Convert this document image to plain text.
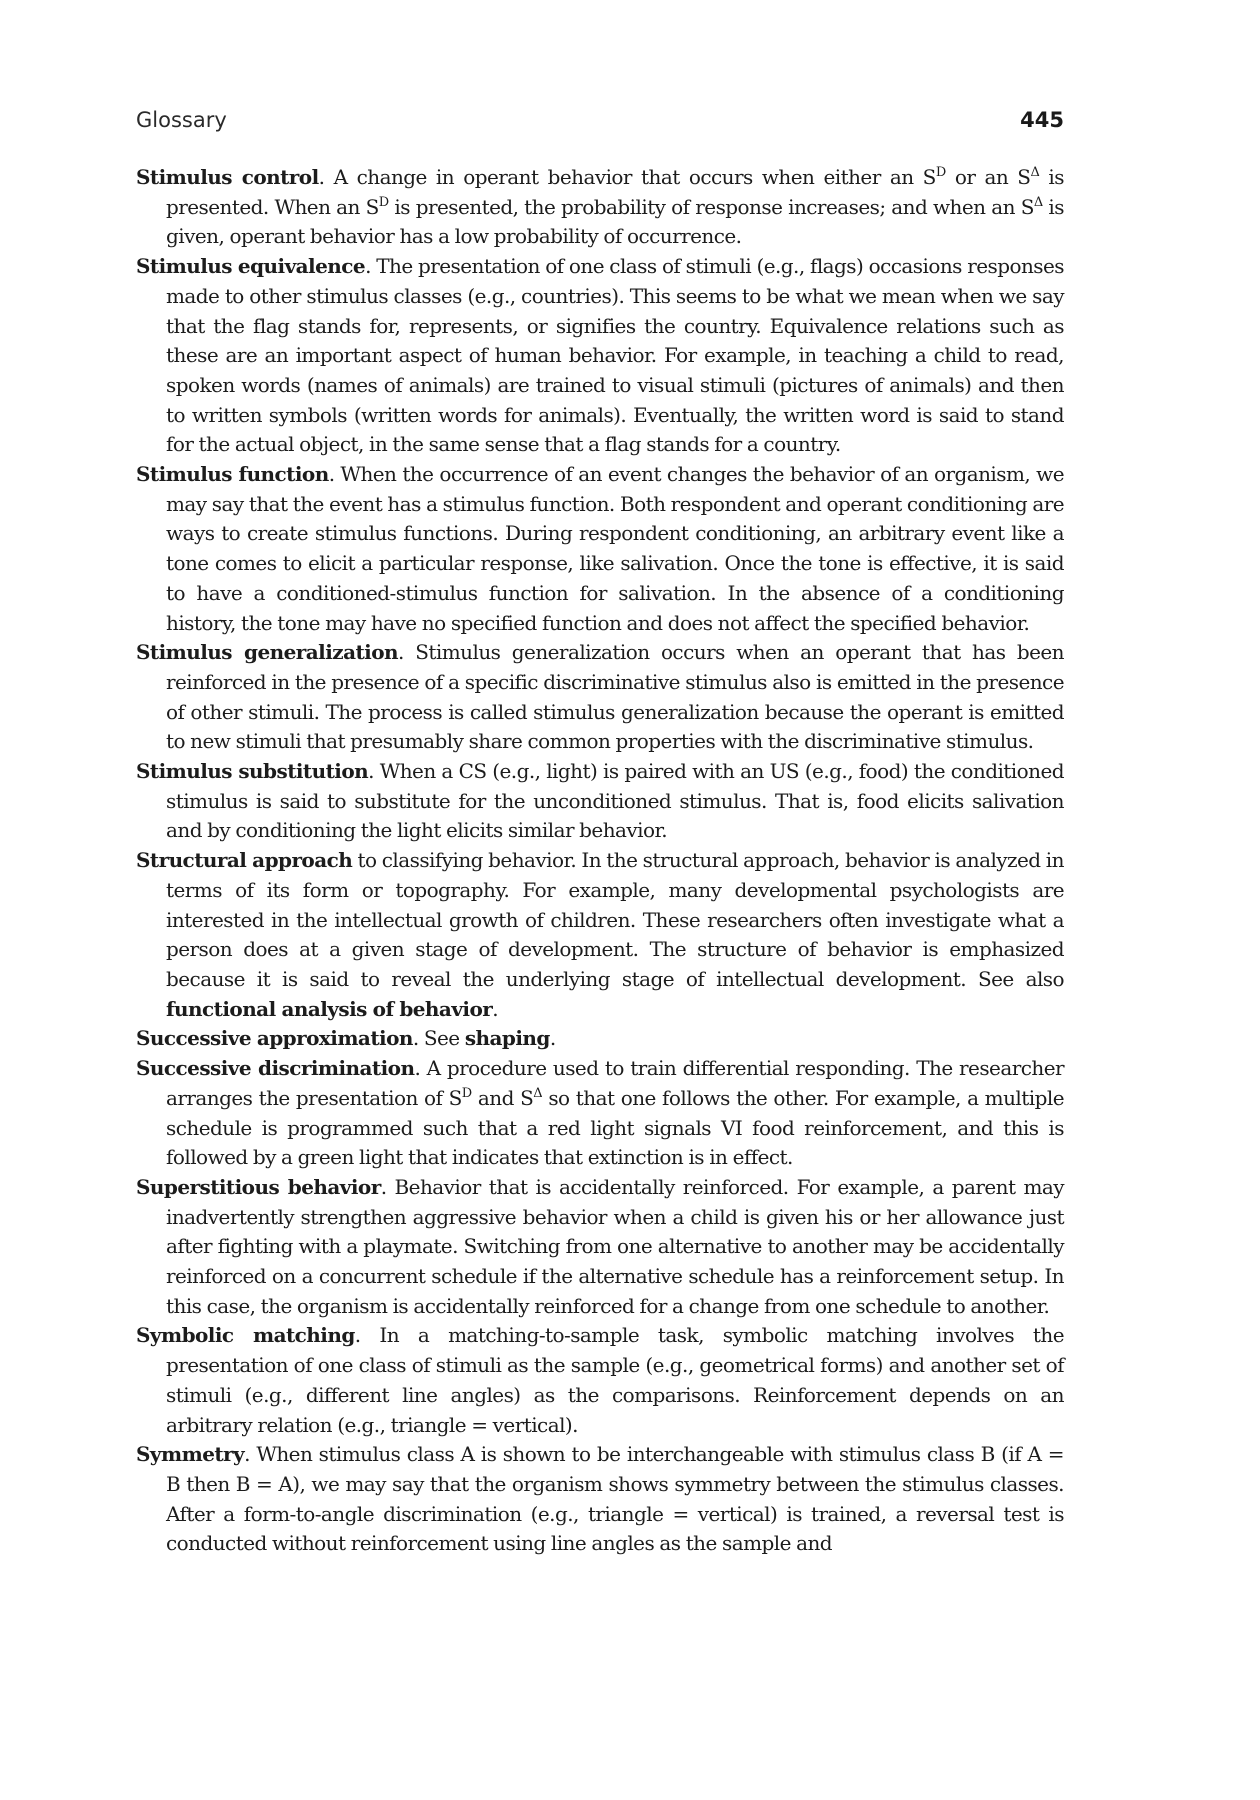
Glossary	445

Stimulus control. A change in operant behavior that occurs when either an $S^D$ or an $S^\Delta$ is presented. When an $S^D$ is presented, the probability of response increases; and when an $S^\Delta$ is given, operant behavior has a low probability of occurrence.

Stimulus equivalence. The presentation of one class of stimuli (e.g., flags) occasions responses made to other stimulus classes (e.g., countries). This seems to be what we mean when we say that the flag stands for, represents, or signifies the country. Equivalence relations such as these are an important aspect of human behavior. For example, in teaching a child to read, spoken words (names of animals) are trained to visual stimuli (pictures of animals) and then to written symbols (written words for animals). Eventually, the written word is said to stand for the actual object, in the same sense that a flag stands for a country.

Stimulus function. When the occurrence of an event changes the behavior of an organism, we may say that the event has a stimulus function. Both respondent and operant conditioning are ways to create stimulus functions. During respondent conditioning, an arbitrary event like a tone comes to elicit a particular response, like salivation. Once the tone is effective, it is said to have a conditioned-stimulus function for salivation. In the absence of a conditioning history, the tone may have no specified function and does not affect the specified behavior.

Stimulus generalization. Stimulus generalization occurs when an operant that has been reinforced in the presence of a specific discriminative stimulus also is emitted in the presence of other stimuli. The process is called stimulus generalization because the operant is emitted to new stimuli that presumably share common properties with the discriminative stimulus.

Stimulus substitution. When a CS (e.g., light) is paired with an US (e.g., food) the conditioned stimulus is said to substitute for the unconditioned stimulus. That is, food elicits salivation and by conditioning the light elicits similar behavior.

Structural approach to classifying behavior. In the structural approach, behavior is analyzed in terms of its form or topography. For example, many developmental psychologists are interested in the intellectual growth of children. These researchers often investigate what a person does at a given stage of development. The structure of behavior is emphasized because it is said to reveal the underlying stage of intellectual development. See also functional analysis of behavior.

Successive approximation. See shaping.

Successive discrimination. A procedure used to train differential responding. The researcher arranges the presentation of $S^D$ and $S^\Delta$ so that one follows the other. For example, a multiple schedule is programmed such that a red light signals VI food reinforcement, and this is followed by a green light that indicates that extinction is in effect.

Superstitious behavior. Behavior that is accidentally reinforced. For example, a parent may inadvertently strengthen aggressive behavior when a child is given his or her allowance just after fighting with a playmate. Switching from one alternative to another may be accidentally reinforced on a concurrent schedule if the alternative schedule has a reinforcement setup. In this case, the organism is accidentally reinforced for a change from one schedule to another.

Symbolic matching. In a matching-to-sample task, symbolic matching involves the presentation of one class of stimuli as the sample (e.g., geometrical forms) and another set of stimuli (e.g., different line angles) as the comparisons. Reinforcement depends on an arbitrary relation (e.g., triangle = vertical).

Symmetry. When stimulus class A is shown to be interchangeable with stimulus class B (if A = B then B = A), we may say that the organism shows symmetry between the stimulus classes. After a form-to-angle discrimination (e.g., triangle = vertical) is trained, a reversal test is conducted without reinforcement using line angles as the sample and
